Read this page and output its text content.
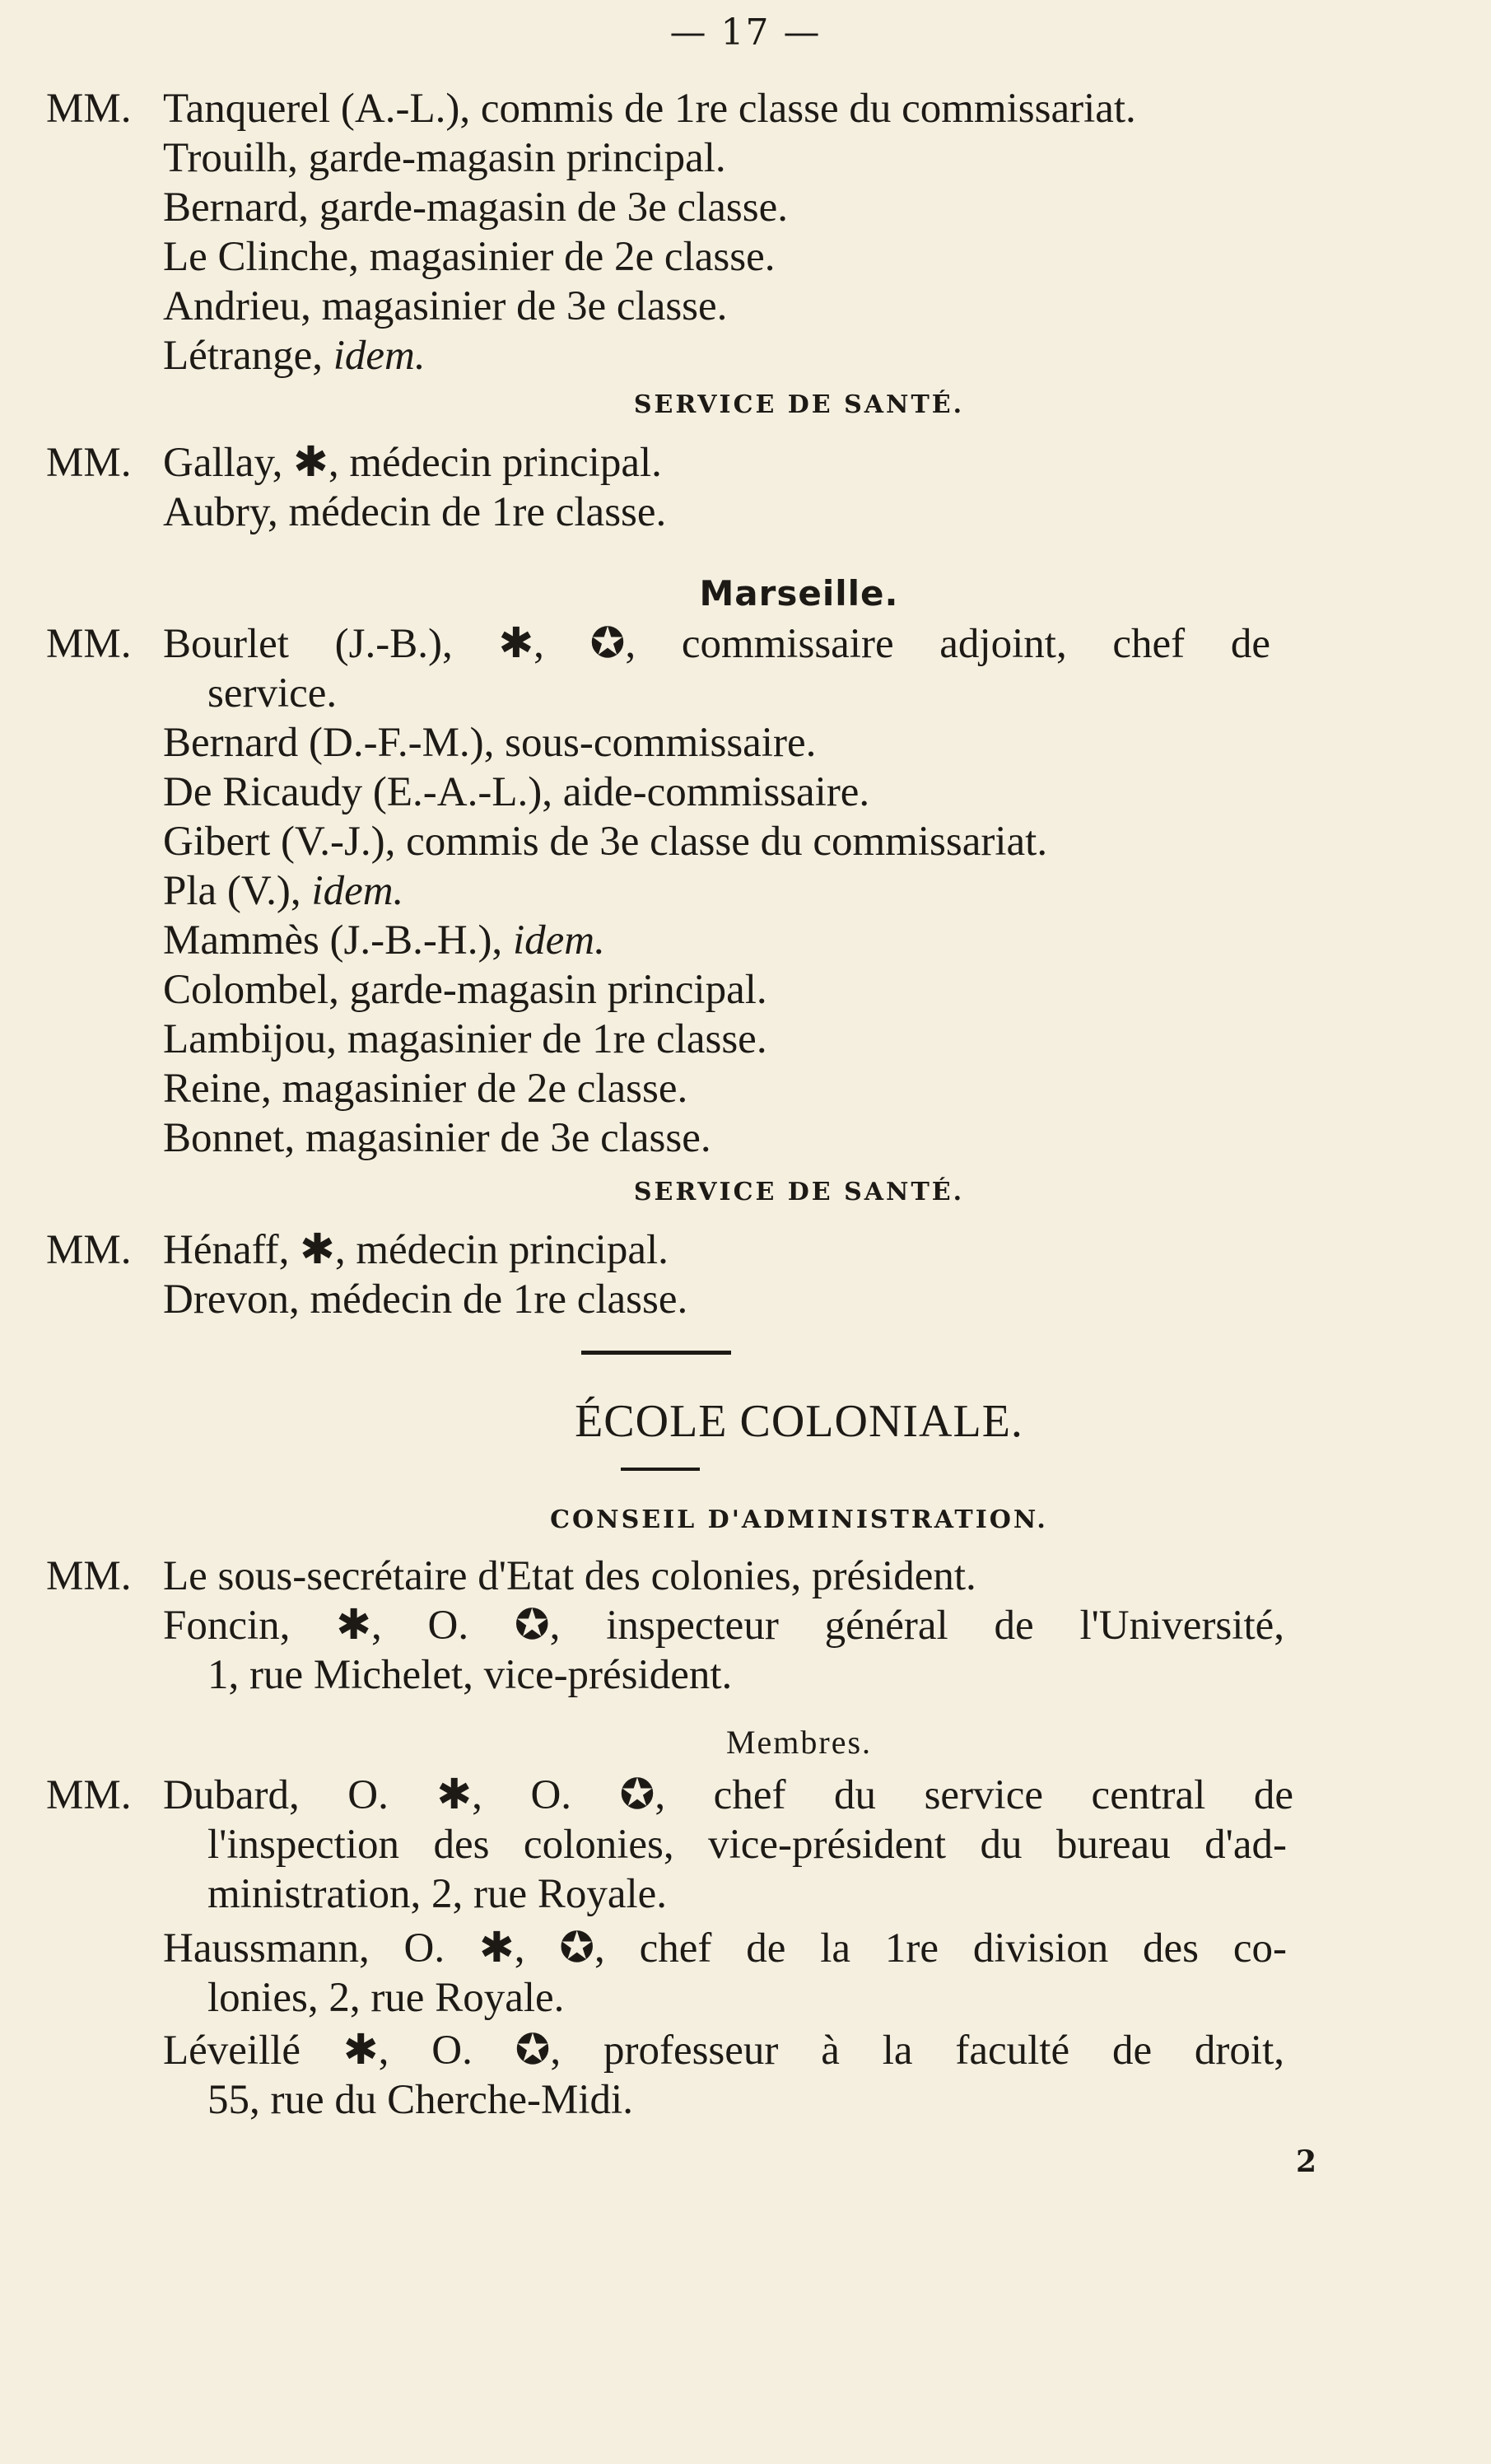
— 17 —
MM. Tanquerel (A.-L.), commis de 1re classe du commissariat.
Trouilh, garde-magasin principal.
Bernard, garde-magasin de 3e classe.
Le Clinche, magasinier de 2e classe.
Andrieu, magasinier de 3e classe.
Létrange, idem.
SERVICE DE SANTÉ.
MM. Gallay, ✱, médecin principal.
Aubry, médecin de 1re classe.
Marseille.
MM. Bourlet (J.-B.), ✱, ✪, commissaire adjoint, chef de
service.
Bernard (D.-F.-M.), sous-commissaire.
De Ricaudy (E.-A.-L.), aide-commissaire.
Gibert (V.-J.), commis de 3e classe du commissariat.
Pla (V.), idem.
Mammès (J.-B.-H.), idem.
Colombel, garde-magasin principal.
Lambijou, magasinier de 1re classe.
Reine, magasinier de 2e classe.
Bonnet, magasinier de 3e classe.
SERVICE DE SANTÉ.
MM. Hénaff, ✱, médecin principal.
Drevon, médecin de 1re classe.
ÉCOLE COLONIALE.
CONSEIL D'ADMINISTRATION.
MM. Le sous-secrétaire d'Etat des colonies, président.
Foncin, ✱, O. ✪, inspecteur général de l'Université,
1, rue Michelet, vice-président.
Membres.
MM. Dubard, O. ✱, O. ✪, chef du service central de
l'inspection des colonies, vice-président du bureau d'ad-
ministration, 2, rue Royale.
Haussmann, O. ✱, ✪, chef de la 1re division des co-
lonies, 2, rue Royale.
Léveillé ✱, O. ✪, professeur à la faculté de droit,
55, rue du Cherche-Midi.
2
